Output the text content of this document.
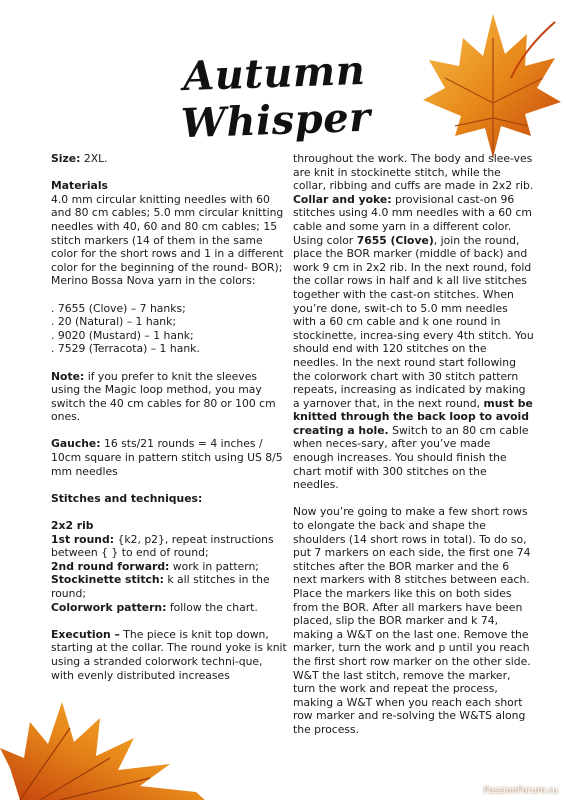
Autumn Whisper

Size: 2XL.

Materials

4.0 mm circular knitting needles with 60 and 80 cm cables; 5.0 mm circular knitting needles with 40, 60 and 80 cm cables; 15 stitch markers (14 of them in the same color for the short rows and 1 in a different color for the beginning of the round- BOR); Merino Bossa Nova yarn in the colors:

. 7655 (Clove) – 7 hanks;

. 20 (Natural) – 1 hank;

. 9020 (Mustard) – 1 hank;

. 7529 (Terracota) – 1 hank.

Note: if you prefer to knit the sleeves using the Magic loop method, you may switch the 40 cm cables for 80 or 100 cm ones.

Gauche: 16 sts/21 rounds = 4 inches / 10cm square in pattern stitch using US 8/5 mm needles

Stitches and techniques:

2x2 rib

1st round: {k2, p2}, repeat instructions between { } to end of round;

2nd round forward: work in pattern;

Stockinette stitch: k all stitches in the round;

Colorwork pattern: follow the chart.

Execution – The piece is knit top down, starting at the collar. The round yoke is knit using a stranded colorwork techni-que, with evenly distributed increases

throughout the work. The body and slee-ves are knit in stockinette stitch, while the collar, ribbing and cuffs are made in 2x2 rib.

Collar and yoke: provisional cast-on 96 stitches using 4.0 mm needles with a 60 cm cable and some yarn in a different color. Using color 7655 (Clove), join the round, place the BOR marker (middle of back) and work 9 cm in 2x2 rib. In the next round, fold the collar rows in half and k all live stitches together with the cast-on stitches. When you’re done, swit-ch to 5.0 mm needles with a 60 cm cable and k one round in stockinette, increa-sing every 4th stitch. You should end with 120 stitches on the needles. In the next round start following the colorwork chart with 30 stitch pattern repeats, increasing as indicated by making a yarnover that, in the next round, must be knitted through the back loop to avoid creating a hole. Switch to an 80 cm cable when neces-sary, after you’ve made enough increases. You should finish the chart motif with 300 stitches on the needles.

Now you’re going to make a few short rows to elongate the back and shape the shoulders (14 short rows in total). To do so, put 7 markers on each side, the first one 74 stitches after the BOR marker and the 6 next markers with 8 stitches between each. Place the markers like this on both sides from the BOR. After all markers have been placed, slip the BOR marker and k 74, making a W&T on the last one. Remove the marker, turn the work and p until you reach the first short row marker on the other side. W&T the last stitch, remove the marker, turn the work and repeat the process, making a W&T when you reach each short row marker and re-solving the W&TS along the process.

PassionForum.ru
